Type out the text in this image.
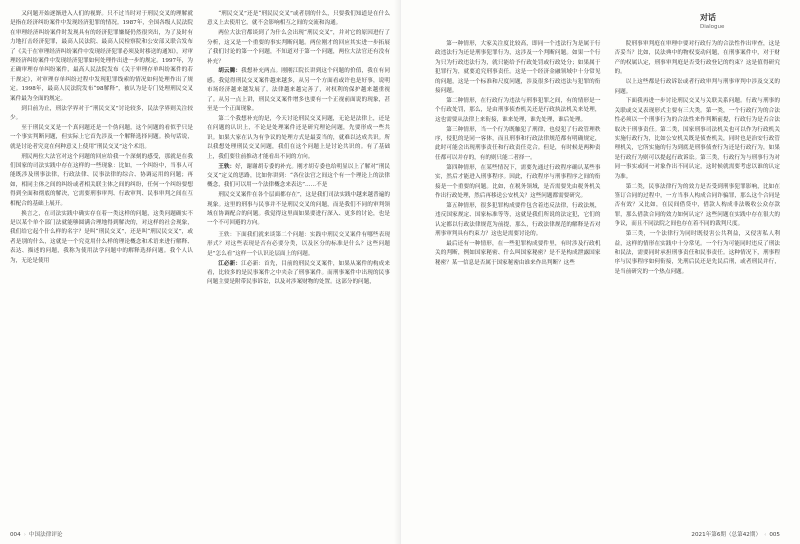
又问题开始逐渐进入人们的视野。只不过当时对于刑民交叉的理解就是指在经济纠纷案件中发现经济犯罪的情况。1987年，全国各级人民法院在审理经济纠纷案件时发现具有的经济犯罪嫌疑仍然很突出，为了及时有力地打击经济犯罪，最高人民法院、最高人民检察院和公安部又联合发布了《关于在审理经济纠纷案件中发现经济犯罪必须及时移送的通知》，对审理经济纠纷案件中发现经济犯罪如何处理作出进一步的规定。1997年，为正确审理存单纠纷案件，最高人民法院发布《关于审理存单纠纷案件的若干规定》，对审理存单纠纷过程中发现犯罪线索的情况如何处理作出了规定。1998年，最高人民法院发布“98解释”，被认为是专门处理刑民交叉案件最为全面的规定。

到目前为止，刑法学界对于“刑民交叉”讨论较多，民法学界则关注较少。

至于刑民交叉是一个真问题还是一个伪问题，这个问题的看似乎只是一个事实判断问题，但实际上它首先涉及一个解释选择问题。换句话说，就是讨论者究竟在何种意义上使用“刑民交叉”这个术语。

刑民两位大法官对这个问题的回应给我一个深刻的感受，那就是在我们国家的司法实践中存在这样的一些现象：比如，一个纠纷中，当事人可能既涉及刑事法律，行政法律、民事法律的综合、协调运用的问题；再如，相同主体之间的纠纷或者相关联主体之间的纠纷，任何一个纠纷要想得到全面和彻底的解决，它需要刑事审判、行政审判、民事审判之间在互相配合的基础上展开。

换言之，在司法实践中确实存在着一类这样的问题，这类问题确实不是以某个单个部门法就能够圆满合理地得到解决的，对这样的社会现象，我们给它起个什么样的名字？是叫“刑民交叉”，还是叫“刑民民交叉”，或者是别的什么，这就是一个究竟用什么样的理论概念和术语来进行解释、表达、描述的问题，我称为使用法学问题中的解释选择问题。我个人认为，无论是使用

“刑民交叉”还是“刑民民交叉”或者别的什么，只要我们知道是在什么意义上去使用它，就不会影响相互之间的交流和沟通。

两位大法官都谈到了为什么会出现“刑民交叉”，并对它的原因进行了分析，这又是一个重要的事实判断问题。两位刚才的回应其实进一步拓展了我们讨论的第一个问题，不知道对于第一个问题，两位大法官还有没有补充？

胡云腾：我想补充两点。刚刚江院长讲到这个问题的价值，我在有同感。我觉得刑民交叉案件越来越多，从另一个方面看或许也是好事，说明市场经济越来越发展了，法律越来越完善了，对权利的保护越来越重视了。从另一点上讲，刑民交叉案件增多也要有一个正视前面说的现象，甚至是一个正面现象。

第二个我想补充的是，今天讨论刑民交叉问题，无论是法律上，还是在问题的认识上，不论是处理案件还是研究理论问题，先要形成一些共识。如果大家在认为有争议的处理方式是最妥当的，就难以达成共识。所以我想处理刑民交叉问题，我们在这个问题上是讨论共识的。有了基础上，我们要往前推动才能看出不同的方向。

王轶：好，谢谢胡专委的补充。刚才胡专委也给明显以上了解对“刑民交叉”定义的思路，比如你讲到：“各位法官之间这个有一个理论上的法律概念，我们可以用一个法律概念来表达”……不是

刑民交叉案件在各个层面都存在”，这是我们司法实践中越来越普遍的现象。这里的刑事与民事并不是刑民交叉的问题，而是我们不同的审判领域在协调配合的问题。我觉得这里面如果要进行深入、更多的讨论，也是一个不可回避的方向。

王轶：下面我们就来谈第二个问题：实践中刑民交叉案件有哪些表现形式？对这些表现是否有必要分类，以及区分的标准是什么？这些问题是“怎么看”这样一个认识论层面上的问题。

江必新：江必新：首先，目前的刑民交叉案件，如果从案件的构成来看，比较多的是民事案件之中夹杂了刑事案件。而刑事案件中出现的民事问题主要是附带民事诉讼，以及对涉案财物的处置。这部分的问题，

004 › 中国法律评论
对话
Dialogue

第一种情形，大家关注度比较高，即同一个违法行为是属于行政违法行为还是刑事犯罪行为，这涉及一个判断问题。如果一个行为只为行政违法行为，就只能给予行政处罚或行政处分；如果属于犯罪行为，就要追究刑事责任。这是一个经济金融领域中十分常见的问题，这是一个标准和尺度问题，涉及很多行政违法与犯罪的衔接问题。

第二种情形，在行政行为违法与刑事犯罪之间，有的情形是一个行政处罚，那么，是由刑事侦查机关还是行政执法机关来处理，这也需要从法律上来衔接，谁来处理，谁先处理，谁后处理。

第三种情形，当一个行为既触犯了刑律，也侵犯了行政管理秩序，侵犯的是同一客体，而且刑事和行政法律规范都有明确规定，此时可能会出现刑事责任和行政责任竞合。但是，有时候是两种责任都可以并存的，有的则只能二者择一。

第四种情形，在某些情况下，需要先通过行政程序确认某些事实，然后才能进入刑事程序。因此，行政程序与刑事程序之间的衔接是一个重要的问题。比如，在税务领域，是否需要先由税务机关作出行政处理，然后再移送公安机关？这些问题都需要研究。

第五种情形，很多犯罪构成要件包含着违反法律，行政法规，违反国家规定、国家标准等等，这就是我们所说的法定犯，它们的认定都以行政法律规范为前提，那么，行政法律规范的解释是否对刑事审判具有约束力？这也是需要讨论的。

最后还有一种情形，在一些犯罪构成要件里，有时涉及行政机关的判断，例如国家秘密、什么叫国家秘密？是不是构成泄露国家秘密？某一信息是否属于国家秘密由谁来作出判断？这些

院刑事审判庭在审理中要对行政行为的合法性作出审查，这是否妥当？比如，民法典中的物权变动问题，在刑事案件中，对于财产的权属认定，刑事审判庭是否受行政登记的约束？这是值得研究的。

以上这些都是行政诉讼或者行政审判与刑事审判中涉及交叉的问题。

下面我再进一步讨论刑民交叉与关联关系问题。行政与刑事的关联或交叉表现形式主要有三大类。第一类，一个行政行为的合法性必须以一个刑事行为的合法性来作判断前提，行政行为是否合法取决于刑事责任。第二类，国家刑事司法机关也可以作为行政机关实施行政行为，比如公安机关既是侦查机关，同时也是治安行政管理机关，它所实施的行为到底是刑事侦查行为还是行政行为，如果是行政行为则可以提起行政诉讼。第三类，行政行为与刑事行为对同一事实或同一对象作出不同认定，这时候就需要考虑以谁的认定为准。

第二类，民事法律行为的效力是否受到刑事犯罪影响，比如在签订合同的过程中，一方当事人构成合同诈骗罪，那么这个合同是否有效？又比如，在民间借贷中，借款人构成非法吸收公众存款罪，那么借款合同的效力如何认定？这些问题在实践中存在很大的争议，而且不同法院之间也存在着不同的裁判尺度。

第三类，一个法律行为同时既侵害公共利益，又侵害私人利益，这样的情形在实践中十分常见。一个行为可能同时违反了刑法和民法，需要同时承担刑事责任和民事责任。这种情况下，刑事程序与民事程序如何衔接，先刑后民还是先民后刑，或者刑民并行，是当前研究的一个热点问题。

2021年第6期（总第42期） ‹ 005
